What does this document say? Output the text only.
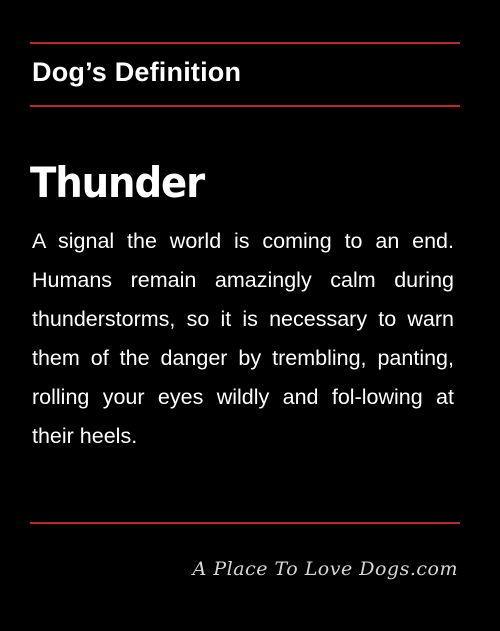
Dog’s Definition
Thunder

A signal the world is coming to an end. Humans remain amazingly calm during thunderstorms, so it is necessary to warn them of the danger by trembling, panting, rolling your eyes wildly and fol-lowing at their heels.

A Place To Love Dogs.com
